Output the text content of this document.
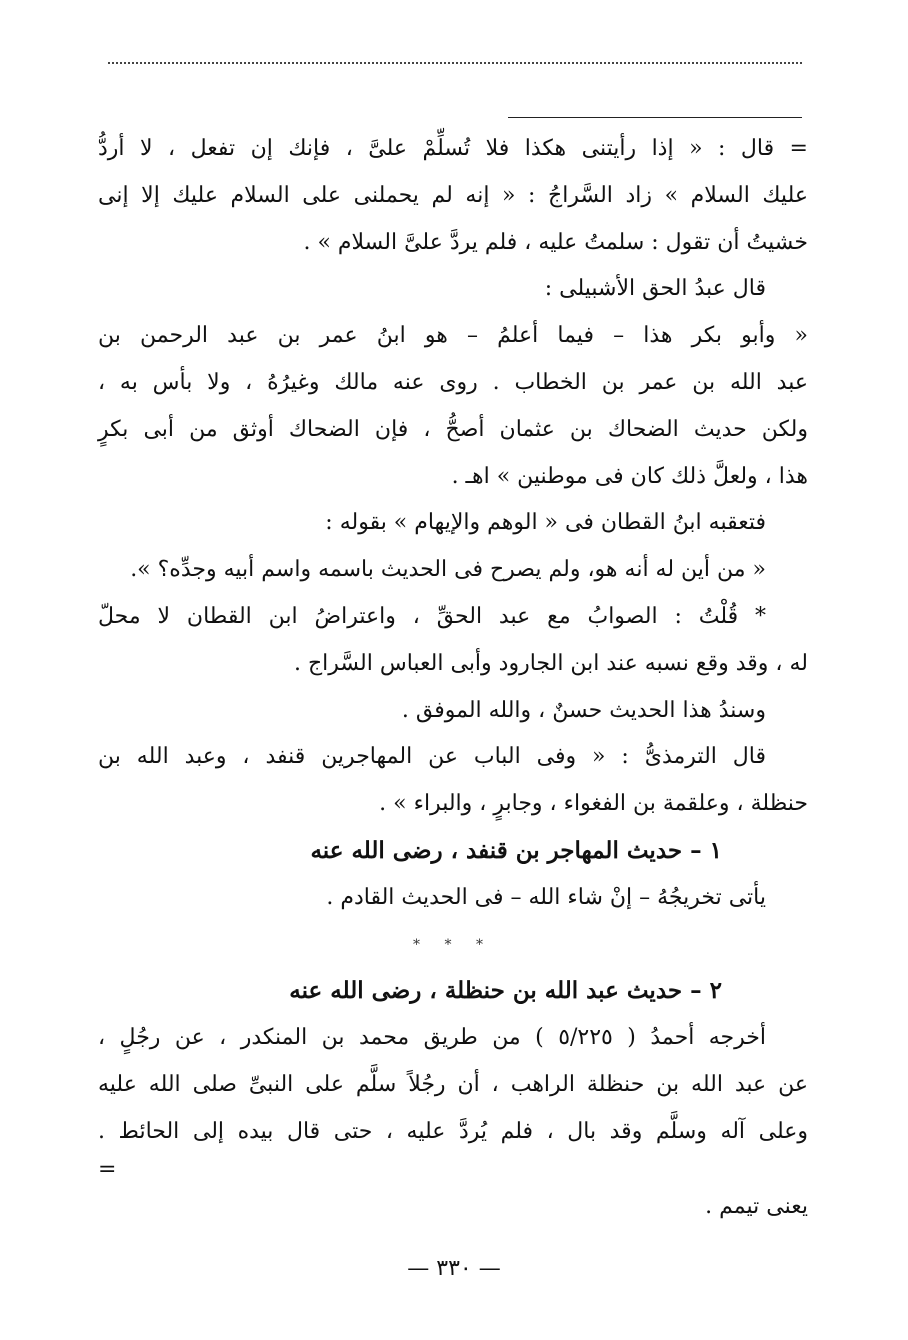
= قال : « إذا رأيتنى هكذا فلا تُسلِّمْ علىَّ ، فإنك إن تفعل ، لا أردُّ
عليك السلام » زاد السَّراجُ : « إنه لم يحملنى على السلام عليك إلا إنى
خشيتُ أن تقول : سلمتُ عليه ، فلم يردَّ علىَّ السلام » .
قال عبدُ الحق الأشبيلى :
« وأبو بكر هذا – فيما أعلمُ – هو ابنُ عمر بن عبد الرحمن بن
عبد الله بن عمر بن الخطاب . روى عنه مالك وغيرُهُ ، ولا بأس به ،
ولكن حديث الضحاك بن عثمان أصحُّ ، فإن الضحاك أوثق من أبى بكرٍ
هذا ، ولعلَّ ذلك كان فى موطنين » اهـ .
فتعقبه ابنُ القطان فى « الوهم والإيهام » بقوله :
« من أين له أنه هو، ولم يصرح فى الحديث باسمه واسم أبيه وجدِّه؟ ».
* قُلْتُ : الصوابُ مع عبد الحقِّ ، واعتراضُ ابن القطان لا محلّ
له ، وقد وقع نسبه عند ابن الجارود وأبى العباس السَّراج .
وسندُ هذا الحديث حسنٌ ، والله الموفق .
قال الترمذىُّ : « وفى الباب عن المهاجرين قنفد ، وعبد الله بن
حنظلة ، وعلقمة بن الفغواء ، وجابرٍ ، والبراء » .
١ – حديث المهاجر بن قنفد ، رضى الله عنه
يأتى تخريجُهُ – إنْ شاء الله – فى الحديث القادم .
* * *
٢ – حديث عبد الله بن حنظلة ، رضى الله عنه
أخرجه أحمدُ ( ٥/٢٢٥ ) من طريق محمد بن المنكدر ، عن رجُلٍ ،
عن عبد الله بن حنظلة الراهب ، أن رجُلاً سلَّم على النبىِّ صلى الله عليه
وعلى آله وسلَّم وقد بال ، فلم يُردَّ عليه ، حتى قال بيده إلى الحائط .
=
يعنى تيمم .
— ٣٣٠ —
